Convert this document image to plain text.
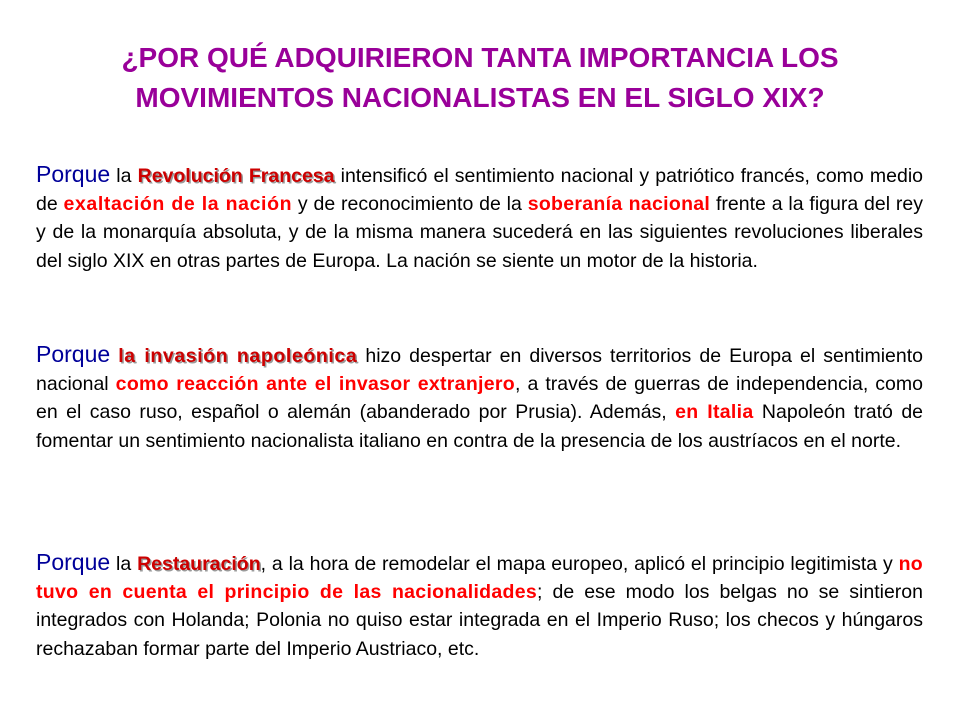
¿POR QUÉ ADQUIRIERON TANTA IMPORTANCIA LOS
MOVIMIENTOS NACIONALISTAS EN EL SIGLO XIX?

Porque la Revolución Francesa intensificó el sentimiento nacional y patriótico francés, como medio de exaltación de la nación y de reconocimiento de la soberanía nacional frente a la figura del rey y de la monarquía absoluta, y de la misma manera sucederá en las siguientes revoluciones liberales del siglo XIX en otras partes de Europa. La nación se siente un motor de la historia.

Porque la invasión napoleónica hizo despertar en diversos territorios de Europa el sentimiento nacional como reacción ante el invasor extranjero, a través de guerras de independencia, como en el caso ruso, español o alemán (abanderado por Prusia). Además, en Italia Napoleón trató de fomentar un sentimiento nacionalista italiano en contra de la presencia de los austríacos en el norte.

Porque la Restauración, a la hora de remodelar el mapa europeo, aplicó el principio legitimista y no tuvo en cuenta el principio de las nacionalidades; de ese modo los belgas no se sintieron integrados con Holanda; Polonia no quiso estar integrada en el Imperio Ruso; los checos y húngaros rechazaban formar parte del Imperio Austriaco, etc.
